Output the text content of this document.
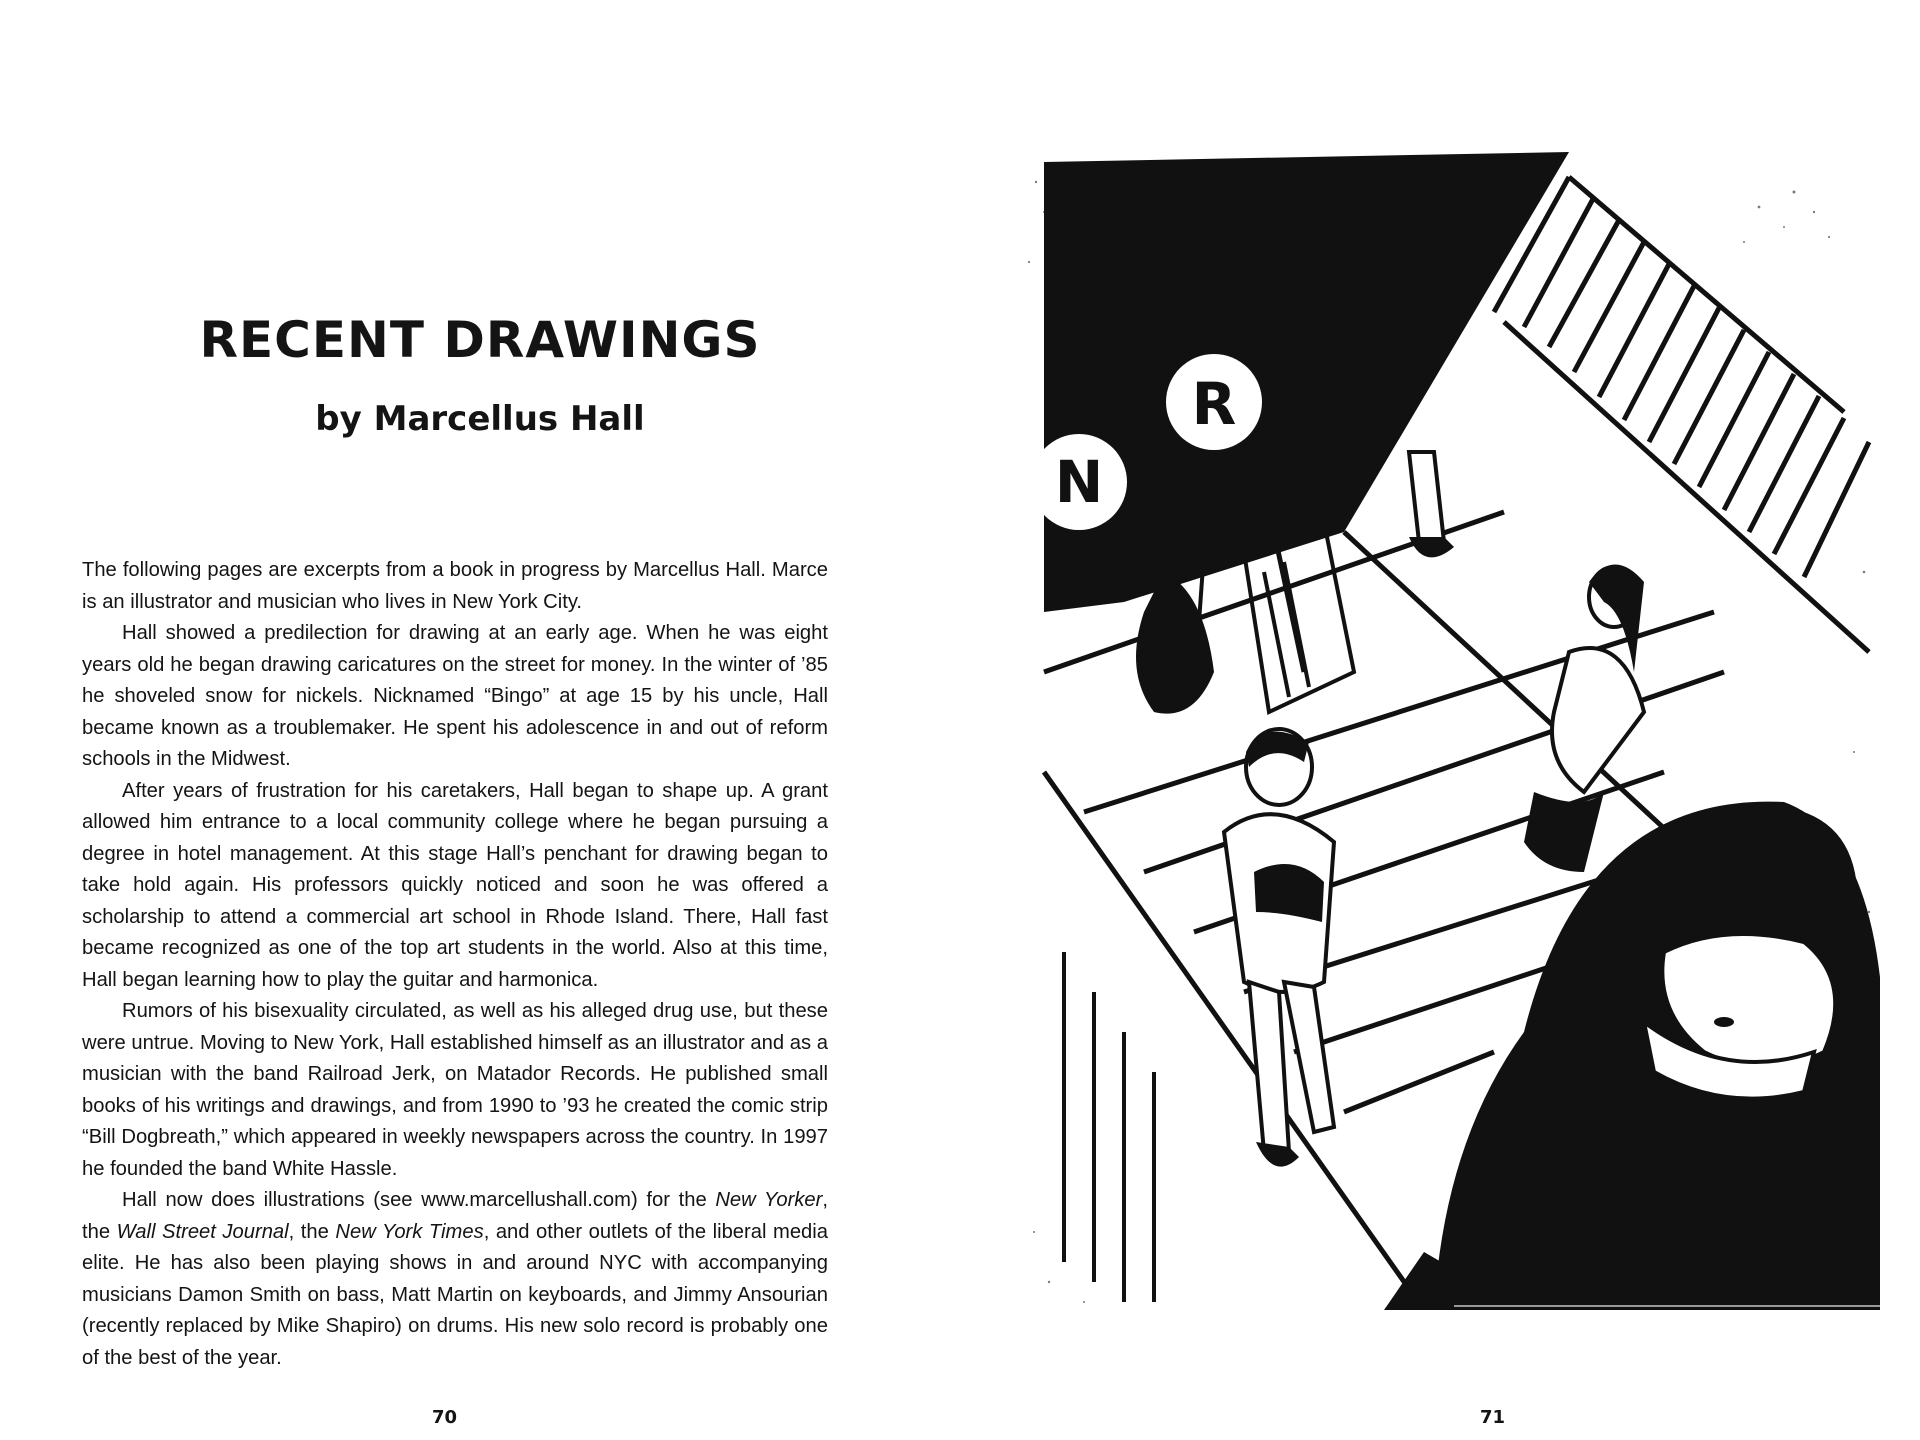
RECENT DRAWINGS
by Marcellus Hall

The following pages are excerpts from a book in progress by Marcellus Hall. Marce is an illustrator and musician who lives in New York City.

Hall showed a predilection for drawing at an early age. When he was eight years old he began drawing caricatures on the street for money. In the winter of ’85 he shoveled snow for nickels. Nicknamed “Bingo” at age 15 by his uncle, Hall became known as a troublemaker. He spent his adolescence in and out of reform schools in the Midwest.

After years of frustration for his caretakers, Hall began to shape up. A grant allowed him entrance to a local community college where he began pursuing a degree in hotel management. At this stage Hall’s penchant for drawing began to take hold again. His professors quickly noticed and soon he was offered a scholarship to attend a commercial art school in Rhode Island. There, Hall fast became recognized as one of the top art students in the world. Also at this time, Hall began learning how to play the guitar and harmonica.

Rumors of his bisexuality circulated, as well as his alleged drug use, but these were untrue. Moving to New York, Hall established himself as an illustrator and as a musician with the band Railroad Jerk, on Matador Records. He published small books of his writings and drawings, and from 1990 to ’93 he created the comic strip “Bill Dogbreath,” which appeared in weekly newspapers across the country. In 1997 he founded the band White Hassle.

Hall now does illustrations (see www.marcellushall.com) for the New Yorker, the Wall Street Journal, the New York Times, and other outlets of the liberal media elite. He has also been playing shows in and around NYC with accompanying musicians Damon Smith on bass, Matt Martin on keyboards, and Jimmy Ansourian (recently replaced by Mike Shapiro) on drums. His new solo record is probably one of the best of the year.

70	71
N
R
